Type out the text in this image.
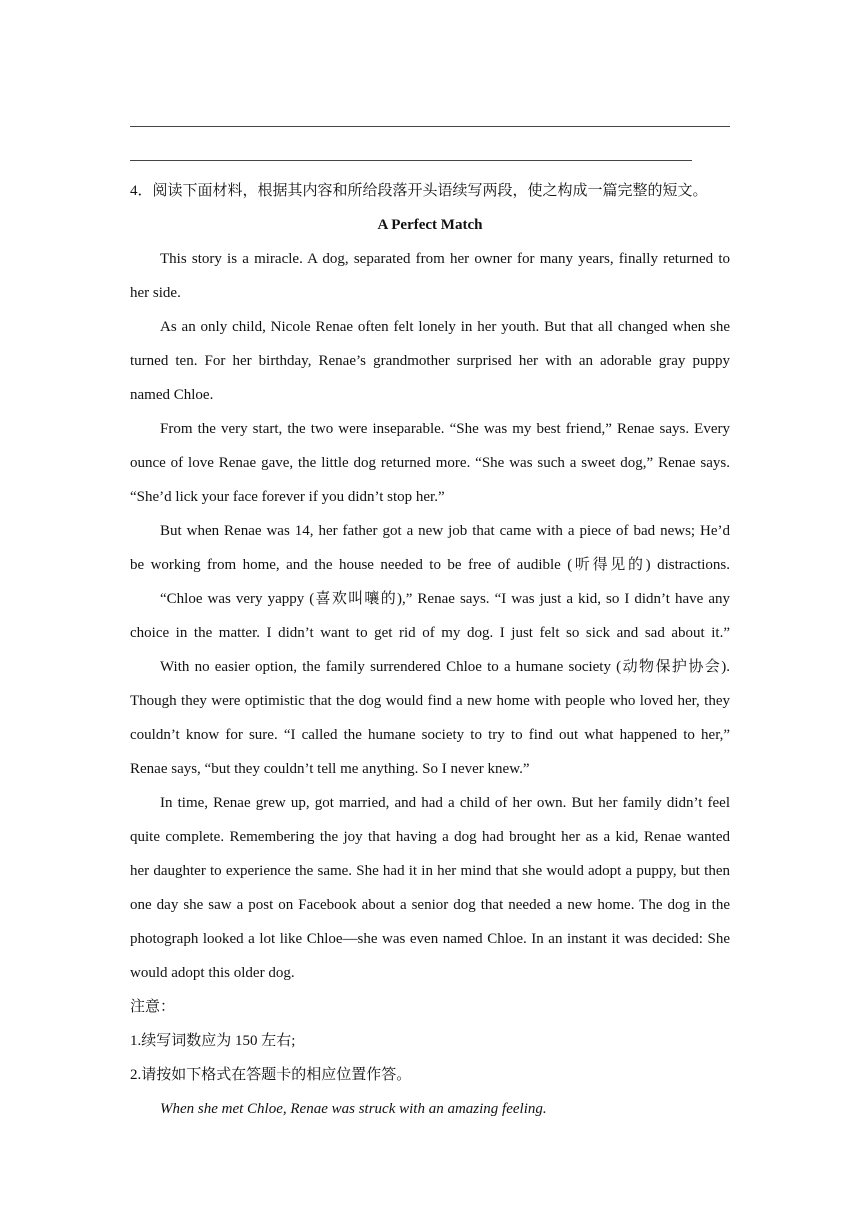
4．阅读下面材料，根据其内容和所给段落开头语续写两段，使之构成一篇完整的短文。
A Perfect Match
This story is a miracle. A dog, separated from her owner for many years, finally returned to
her side.
As an only child, Nicole Renae often felt lonely in her youth. But that all changed when she
turned ten. For her birthday, Renae’s grandmother surprised her with an adorable gray puppy
named Chloe.
From the very start, the two were inseparable. “She was my best friend,” Renae says. Every
ounce of love Renae gave, the little dog returned more. “She was such a sweet dog,” Renae says.
“She’d lick your face forever if you didn’t stop her.”
But when Renae was 14, her father got a new job that came with a piece of bad news; He’d
be working from home, and the house needed to be free of audible (听得见的) distractions.
“Chloe was very yappy (喜欢叫嚷的),” Renae says. “I was just a kid, so I didn’t have any
choice in the matter. I didn’t want to get rid of my dog. I just felt so sick and sad about it.”
With no easier option, the family surrendered Chloe to a humane society (动物保护协会).
Though they were optimistic that the dog would find a new home with people who loved her, they
couldn’t know for sure. “I called the humane society to try to find out what happened to her,”
Renae says, “but they couldn’t tell me anything. So I never knew.”
In time, Renae grew up, got married, and had a child of her own. But her family didn’t feel
quite complete. Remembering the joy that having a dog had brought her as a kid, Renae wanted
her daughter to experience the same. She had it in her mind that she would adopt a puppy, but then
one day she saw a post on Facebook about a senior dog that needed a new home. The dog in the
photograph looked a lot like Chloe—she was even named Chloe. In an instant it was decided: She
would adopt this older dog.
注意：
1.续写词数应为 150 左右;
2.请按如下格式在答题卡的相应位置作答。
When she met Chloe, Renae was struck with an amazing feeling.
